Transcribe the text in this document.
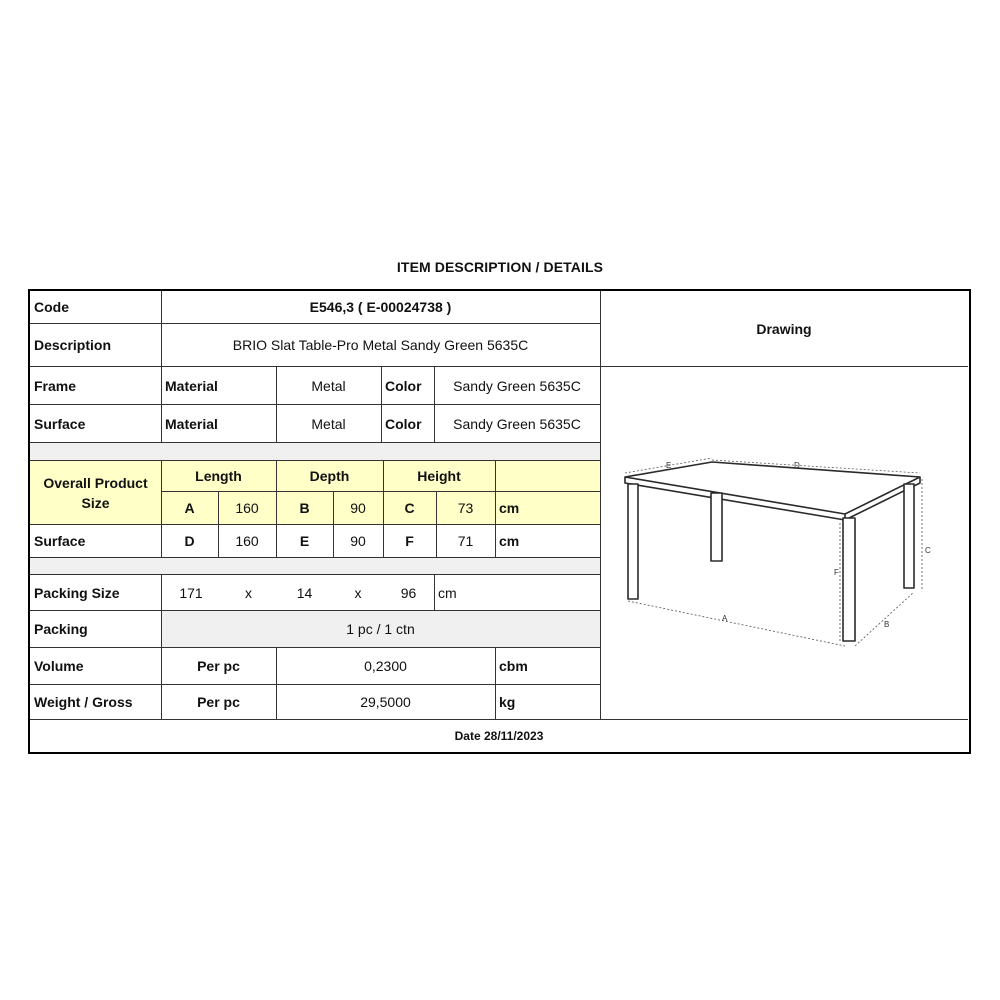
ITEM DESCRIPTION / DETAILS
Code	E546,3 ( E-00024738 )
Drawing
Description	BRIO Slat Table-Pro Metal Sandy Green 5635C
Frame	Material	Metal	Color	Sandy Green 5635C
Surface	Material	Metal	Color	Sandy Green 5635C
Overall Product Size
Length	Depth	Height
A	160	B	90	C	73	cm
Surface	D	160	E	90	F	71	cm
Packing Size	171	x	14	x	96	cm
Packing	1 pc / 1 ctn
Volume	Per pc	0,2300	cbm
Weight / Gross	Per pc	29,5000	kg
Date 28/11/2023
E	D
C
F
A
B
